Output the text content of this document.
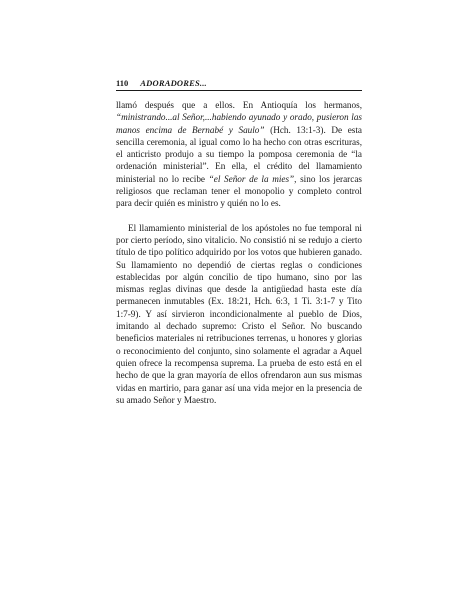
110 ADORADORES...

llamó después que a ellos. En Antioquía los hermanos, “ministrando...al Señor,...habiendo ayunado y orado, pusieron las manos encima de Bernabé y Saulo” (Hch. 13:1-3). De esta sencilla ceremonia, al igual como lo ha hecho con otras escrituras, el anticristo produjo a su tiempo la pomposa ceremonia de “la ordenación ministerial”. En ella, el crédito del llamamiento ministerial no lo recibe “el Señor de la mies”, sino los jerarcas religiosos que reclaman tener el monopolio y completo control para decir quién es ministro y quién no lo es.

El llamamiento ministerial de los apóstoles no fue temporal ni por cierto período, sino vitalicio. No consistió ni se redujo a cierto título de tipo político adquirido por los votos que hubieren ganado. Su llamamiento no dependió de ciertas reglas o condiciones establecidas por algún concilio de tipo humano, sino por las mismas reglas divinas que desde la antigüedad hasta este día permanecen inmutables (Ex. 18:21, Hch. 6:3, 1 Ti. 3:1-7 y Tito 1:7-9). Y así sirvieron incondicionalmente al pueblo de Dios, imitando al dechado supremo: Cristo el Señor. No buscando beneficios materiales ni retribuciones terrenas, u honores y glorias o reconocimiento del conjunto, sino solamente el agradar a Aquel quien ofrece la recompensa suprema. La prueba de esto está en el hecho de que la gran mayoría de ellos ofrendaron aun sus mismas vidas en martirio, para ganar así una vida mejor en la presencia de su amado Señor y Maestro.
